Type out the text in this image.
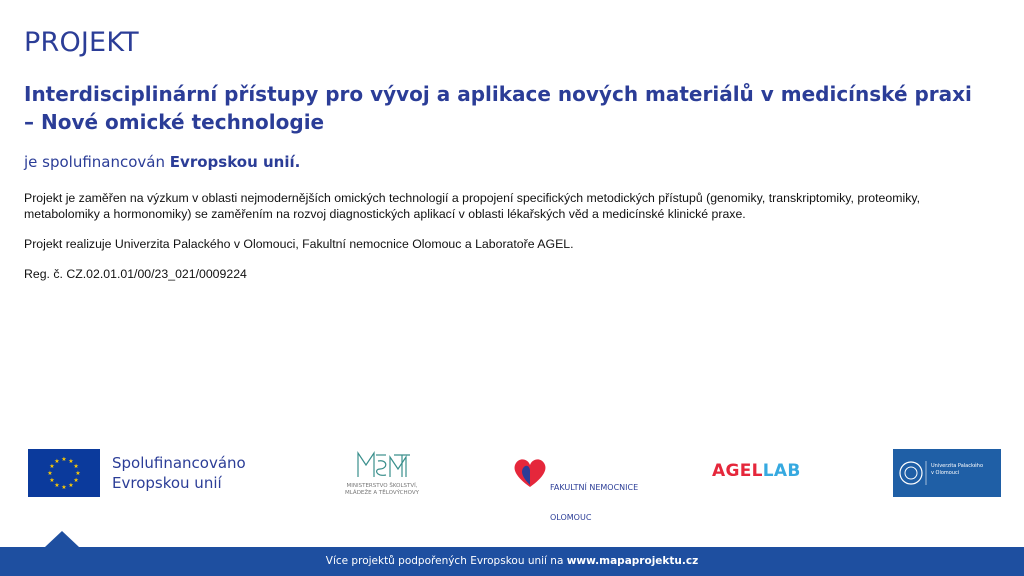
PROJEKT
Interdisciplinární přístupy pro vývoj a aplikace nových materiálů v medicínské praxi – Nové omické technologie
je spolufinancován Evropskou unií.

Projekt je zaměřen na výzkum v oblasti nejmodernějších omických technologií a propojení specifických metodických přístupů (genomiky, transkriptomiky, proteomiky, metabolomiky a hormonomiky) se zaměřením na rozvoj diagnostických aplikací v oblasti lékařských věd a medicínské klinické praxe.

Projekt realizuje Univerzita Palackého v Olomouci, Fakultní nemocnice Olomouc a Laboratoře AGEL.

Reg. č. CZ.02.01.01/00/23_021/0009224

★ ★
★
★
★
★
★
★
★
★
★
★	Spolufinancováno
Evropskou unií	MINISTERSTVO ŠKOLSTVÍ,
MLÁDEŽE A TĚLOVÝCHOVY

FAKULTNÍ NEMOCNICE

OLOMOUC

AGELLAB	Univerzita Palackého
v Olomouci
Více projektů podpořených Evropskou unií na www.mapaprojektu.cz
